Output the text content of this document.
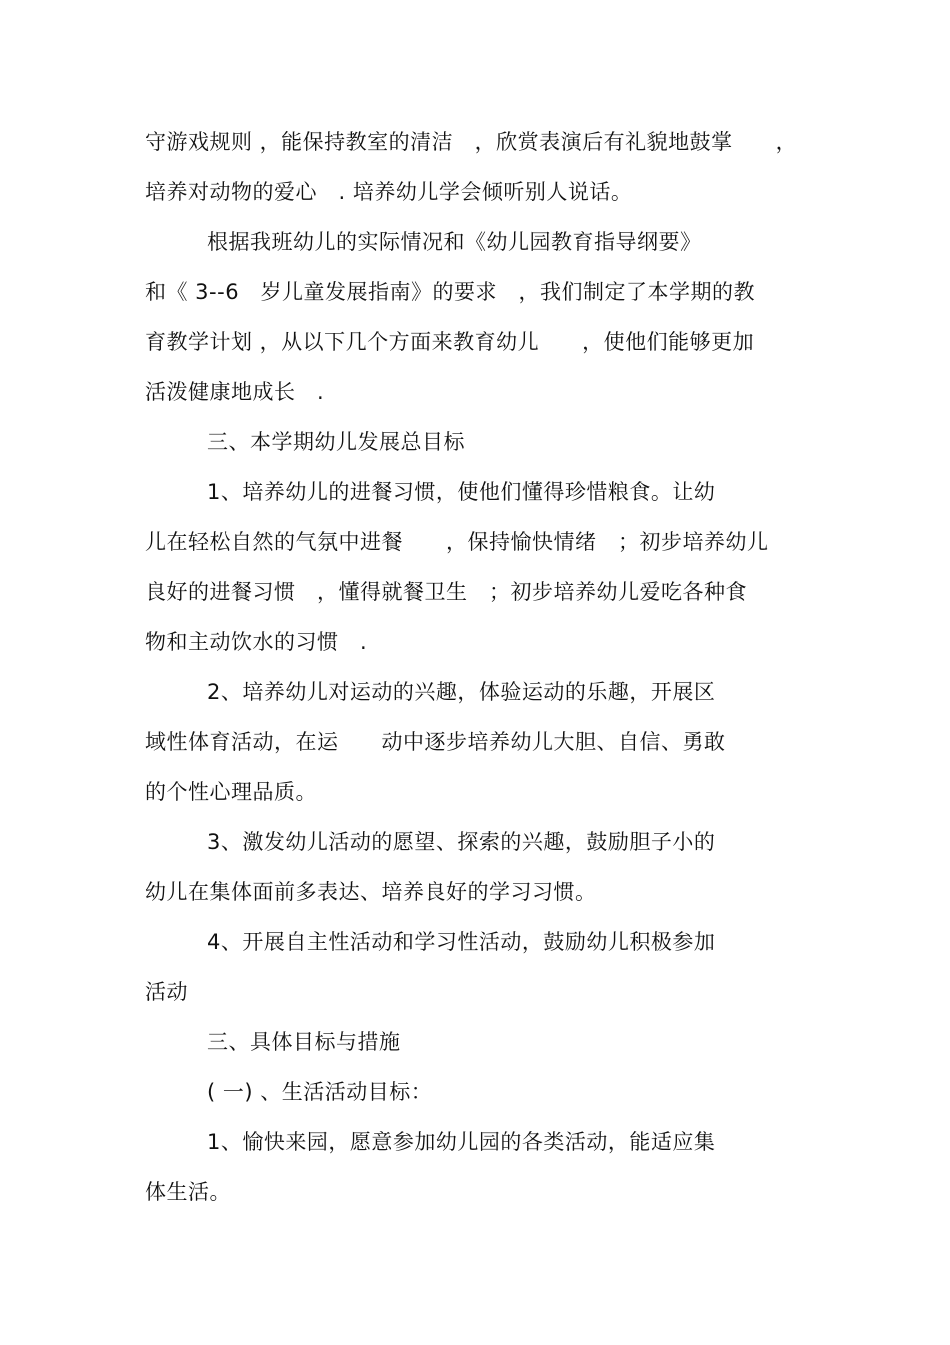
守游戏规则 ，能保持教室的清洁　，欣赏表演后有礼貌地鼓掌　　，
培养对动物的爱心　. 培养幼儿学会倾听别人说话。
根据我班幼儿的实际情况和《幼儿园教育指导纲要》
和《 3--6　岁儿童发展指南》的要求　，我们制定了本学期的教
育教学计划 ，从以下几个方面来教育幼儿　　，使他们能够更加
活泼健康地成长　.
三、本学期幼儿发展总目标
1、培养幼儿的进餐习惯，使他们懂得珍惜粮食。让幼
儿在轻松自然的气氛中进餐　　，保持愉快情绪　；初步培养幼儿
良好的进餐习惯　，懂得就餐卫生　；初步培养幼儿爱吃各种食
物和主动饮水的习惯　.
2、培养幼儿对运动的兴趣，体验运动的乐趣，开展区
域性体育活动，在运　　动中逐步培养幼儿大胆、自信、勇敢
的个性心理品质。
3、激发幼儿活动的愿望、探索的兴趣，鼓励胆子小的
幼儿在集体面前多表达、培养良好的学习习惯。
4、开展自主性活动和学习性活动，鼓励幼儿积极参加
活动
三、具体目标与措施
( 一) 、生活活动目标：
1、愉快来园，愿意参加幼儿园的各类活动，能适应集
体生活。
